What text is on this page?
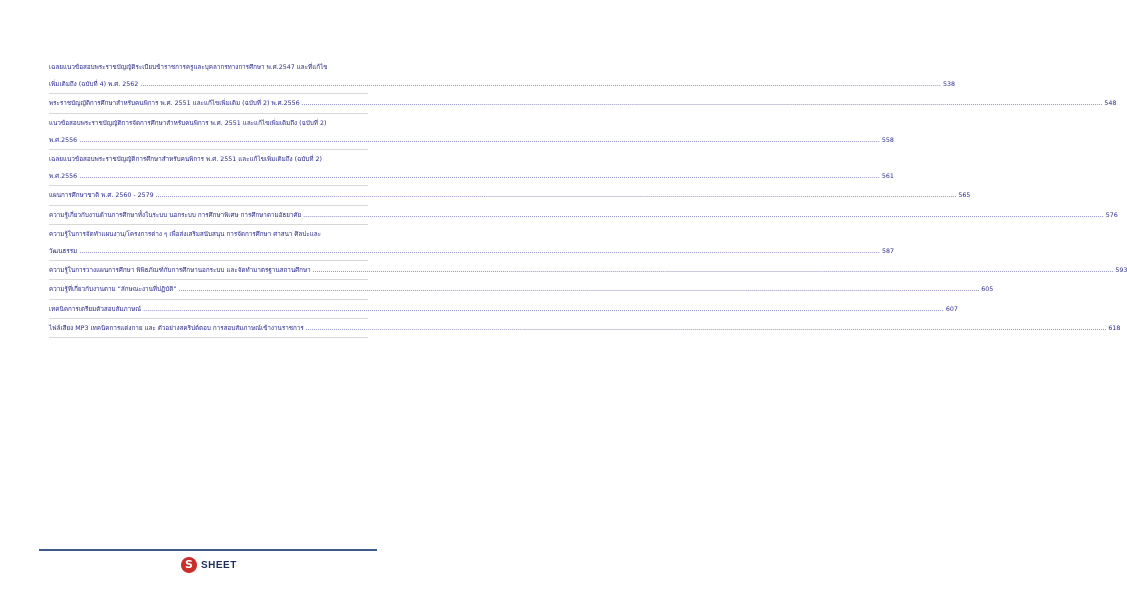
เฉลยแนวข้อสอบพระราชบัญญัติระเบียบข้าราชการครูและบุคลากรทางการศึกษา พ.ศ.2547 และที่แก้ไข
เพิ่มเติมถึง (ฉบับที่ 4) พ.ศ. 2562 ................................................................................................................................................................................................................................................................................................................................................................................................................ 538
พระราชบัญญัติการศึกษาสำหรับคนพิการ พ.ศ. 2551 และแก้ไขเพิ่มเติม (ฉบับที่ 2) พ.ศ.2556 ................................................................................................................................................................................................................................................................................................................................................................................................................ 548
แนวข้อสอบพระราชบัญญัติการจัดการศึกษาสำหรับคนพิการ พ.ศ. 2551 และแก้ไขเพิ่มเติมถึง (ฉบับที่ 2)
พ.ศ.2556 ................................................................................................................................................................................................................................................................................................................................................................................................................ 558
เฉลยแนวข้อสอบพระราชบัญญัติการศึกษาสำหรับคนพิการ พ.ศ. 2551 และแก้ไขเพิ่มเติมถึง (ฉบับที่ 2)
พ.ศ.2556 ................................................................................................................................................................................................................................................................................................................................................................................................................ 561
แผนการศึกษาชาติ พ.ศ. 2560 - 2579 ................................................................................................................................................................................................................................................................................................................................................................................................................ 565
ความรู้เกี่ยวกับงานด้านการศึกษาทั้งในระบบ นอกระบบ การศึกษาพิเศษ การศึกษาตามอัธยาศัย ................................................................................................................................................................................................................................................................................................................................................................................................................ 576
ความรู้ในการจัดทำแผนงาน/โครงการต่าง ๆ เพื่อส่งเสริมสนับสนุน การจัดการศึกษา ศาสนา ศิลปะและ
วัฒนธรรม ................................................................................................................................................................................................................................................................................................................................................................................................................ 587
ความรู้ในการวางแผนการศึกษา พิพิธภัณฑ์กับการศึกษานอกระบบ และจัดทำมาตรฐานสถานศึกษา ................................................................................................................................................................................................................................................................................................................................................................................................................ 593
ความรู้ที่เกี่ยวกับงานตาม “ลักษณะงานที่ปฏิบัติ” ................................................................................................................................................................................................................................................................................................................................................................................................................ 605
เทคนิคการเตรียมตัวสอบสัมภาษณ์ ................................................................................................................................................................................................................................................................................................................................................................................................................ 607
ไฟล์เสียง MP3 เทคนิคการแต่งกาย และ ตัวอย่างสคริปต์ตอบ การสอบสัมภาษณ์เข้างานราชการ ................................................................................................................................................................................................................................................................................................................................................................................................................ 618
S SHEET
